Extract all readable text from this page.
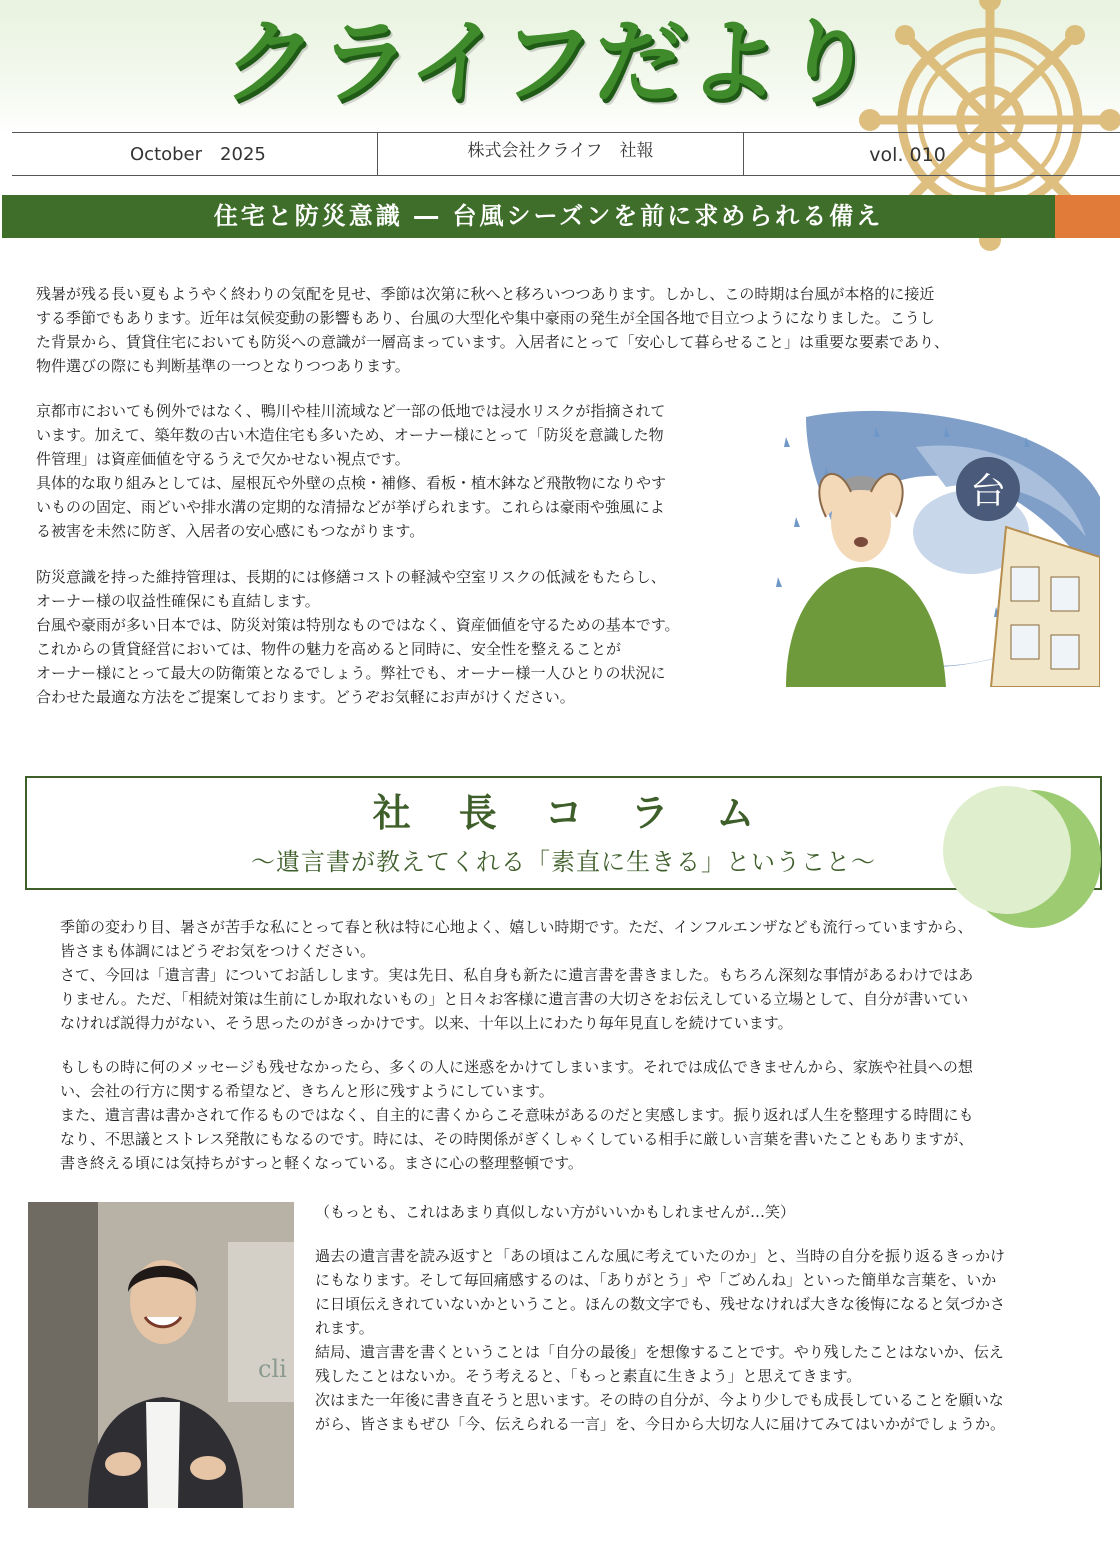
クライフだより
October　2025	株式会社クライフ　社報	vol. 010
住宅と防災意識 ― 台風シーズンを前に求められる備え

残暑が残る長い夏もようやく終わりの気配を見せ、季節は次第に秋へと移ろいつつあります。しかし、この時期は台風が本格的に接近

する季節でもあります。近年は気候変動の影響もあり、台風の大型化や集中豪雨の発生が全国各地で目立つようになりました。こうし

た背景から、賃貸住宅においても防災への意識が一層高まっています。入居者にとって「安心して暮らせること」は重要な要素であり、

物件選びの際にも判断基準の一つとなりつつあります。

京都市においても例外ではなく、鴨川や桂川流域など一部の低地では浸水リスクが指摘されて

います。加えて、築年数の古い木造住宅も多いため、オーナー様にとって「防災を意識した物

件管理」は資産価値を守るうえで欠かせない視点です。

具体的な取り組みとしては、屋根瓦や外壁の点検・補修、看板・植木鉢など飛散物になりやす

いものの固定、雨どいや排水溝の定期的な清掃などが挙げられます。これらは豪雨や強風によ

る被害を未然に防ぎ、入居者の安心感にもつながります。

防災意識を持った維持管理は、長期的には修繕コストの軽減や空室リスクの低減をもたらし、

オーナー様の収益性確保にも直結します。

台風や豪雨が多い日本では、防災対策は特別なものではなく、資産価値を守るための基本です。

これからの賃貸経営においては、物件の魅力を高めると同時に、安全性を整えることが

オーナー様にとって最大の防衛策となるでしょう。弊社でも、オーナー様一人ひとりの状況に

合わせた最適な方法をご提案しております。どうぞお気軽にお声がけください。

台
社長コラム
～遺言書が教えてくれる「素直に生きる」ということ～

季節の変わり目、暑さが苦手な私にとって春と秋は特に心地よく、嬉しい時期です。ただ、インフルエンザなども流行っていますから、

皆さまも体調にはどうぞお気をつけください。

さて、今回は「遺言書」についてお話しします。実は先日、私自身も新たに遺言書を書きました。もちろん深刻な事情があるわけではあ

りません。ただ、「相続対策は生前にしか取れないもの」と日々お客様に遺言書の大切さをお伝えしている立場として、自分が書いてい

なければ説得力がない、そう思ったのがきっかけです。以来、十年以上にわたり毎年見直しを続けています。

もしもの時に何のメッセージも残せなかったら、多くの人に迷惑をかけてしまいます。それでは成仏できませんから、家族や社員への想

い、会社の行方に関する希望など、きちんと形に残すようにしています。

また、遺言書は書かされて作るものではなく、自主的に書くからこそ意味があるのだと実感します。振り返れば人生を整理する時間にも

なり、不思議とストレス発散にもなるのです。時には、その時関係がぎくしゃくしている相手に厳しい言葉を書いたこともありますが、

書き終える頃には気持ちがすっと軽くなっている。まさに心の整理整頓です。

cli

（もっとも、これはあまり真似しない方がいいかもしれませんが…笑）

過去の遺言書を読み返すと「あの頃はこんな風に考えていたのか」と、当時の自分を振り返るきっかけ

にもなります。そして毎回痛感するのは、「ありがとう」や「ごめんね」といった簡単な言葉を、いか

に日頃伝えきれていないかということ。ほんの数文字でも、残せなければ大きな後悔になると気づかさ

れます。

結局、遺言書を書くということは「自分の最後」を想像することです。やり残したことはないか、伝え

残したことはないか。そう考えると、「もっと素直に生きよう」と思えてきます。

次はまた一年後に書き直そうと思います。その時の自分が、今より少しでも成長していることを願いな

がら、皆さまもぜひ「今、伝えられる一言」を、今日から大切な人に届けてみてはいかがでしょうか。
